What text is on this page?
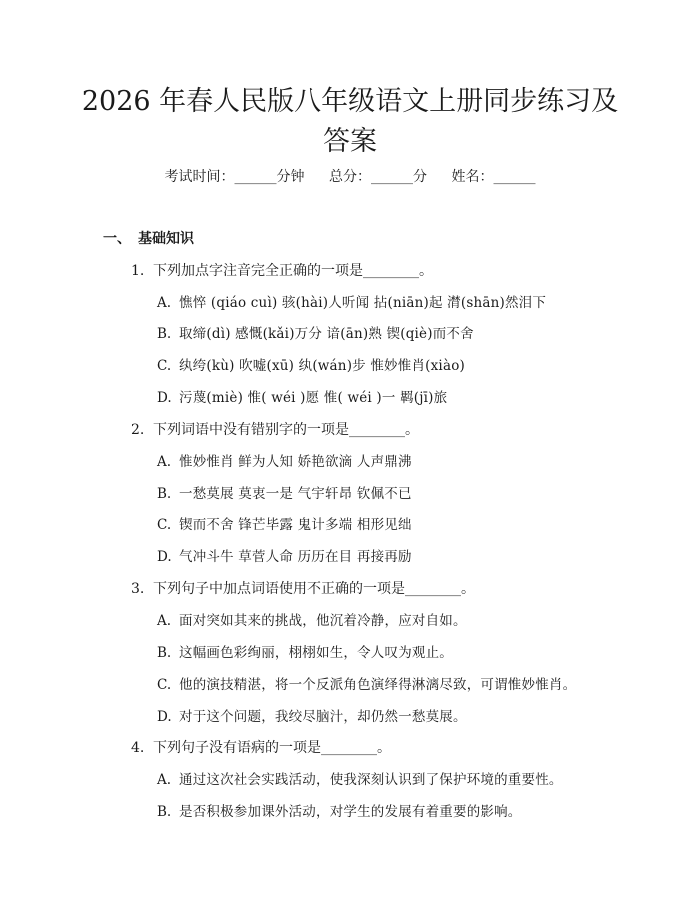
2026 年春人民版八年级语文上册同步练习及
答案
考试时间：______分钟 总分：______分 姓名：______
一、 基础知识
1. 下列加点字注音完全正确的一项是________。
A. 憔悴 (qiáo cuì) 骇(hài)人听闻 拈(niān)起 潸(shān)然泪下
B. 取缔(dì) 感慨(kǎi)万分 谙(ān)熟 锲(qiè)而不舍
C. 纨绔(kù) 吹嘘(xū) 纨(wán)步 惟妙惟肖(xiào)
D. 污蔑(miè) 惟( wéi )愿 惟( wéi )一 羁(jī)旅
2. 下列词语中没有错别字的一项是________。
A. 惟妙惟肖 鲜为人知 娇艳欲滴 人声鼎沸
B. 一愁莫展 莫衷一是 气宇轩昂 钦佩不已
C. 锲而不舍 锋芒毕露 鬼计多端 相形见绌
D. 气冲斗牛 草菅人命 历历在目 再接再励
3. 下列句子中加点词语使用不正确的一项是________。
A. 面对突如其来的挑战，他沉着冷静，应对自如。
B. 这幅画色彩绚丽，栩栩如生，令人叹为观止。
C. 他的演技精湛，将一个反派角色演绎得淋漓尽致，可谓惟妙惟肖。
D. 对于这个问题，我绞尽脑汁，却仍然一愁莫展。
4. 下列句子没有语病的一项是________。
A. 通过这次社会实践活动，使我深刻认识到了保护环境的重要性。
B. 是否积极参加课外活动，对学生的发展有着重要的影响。
